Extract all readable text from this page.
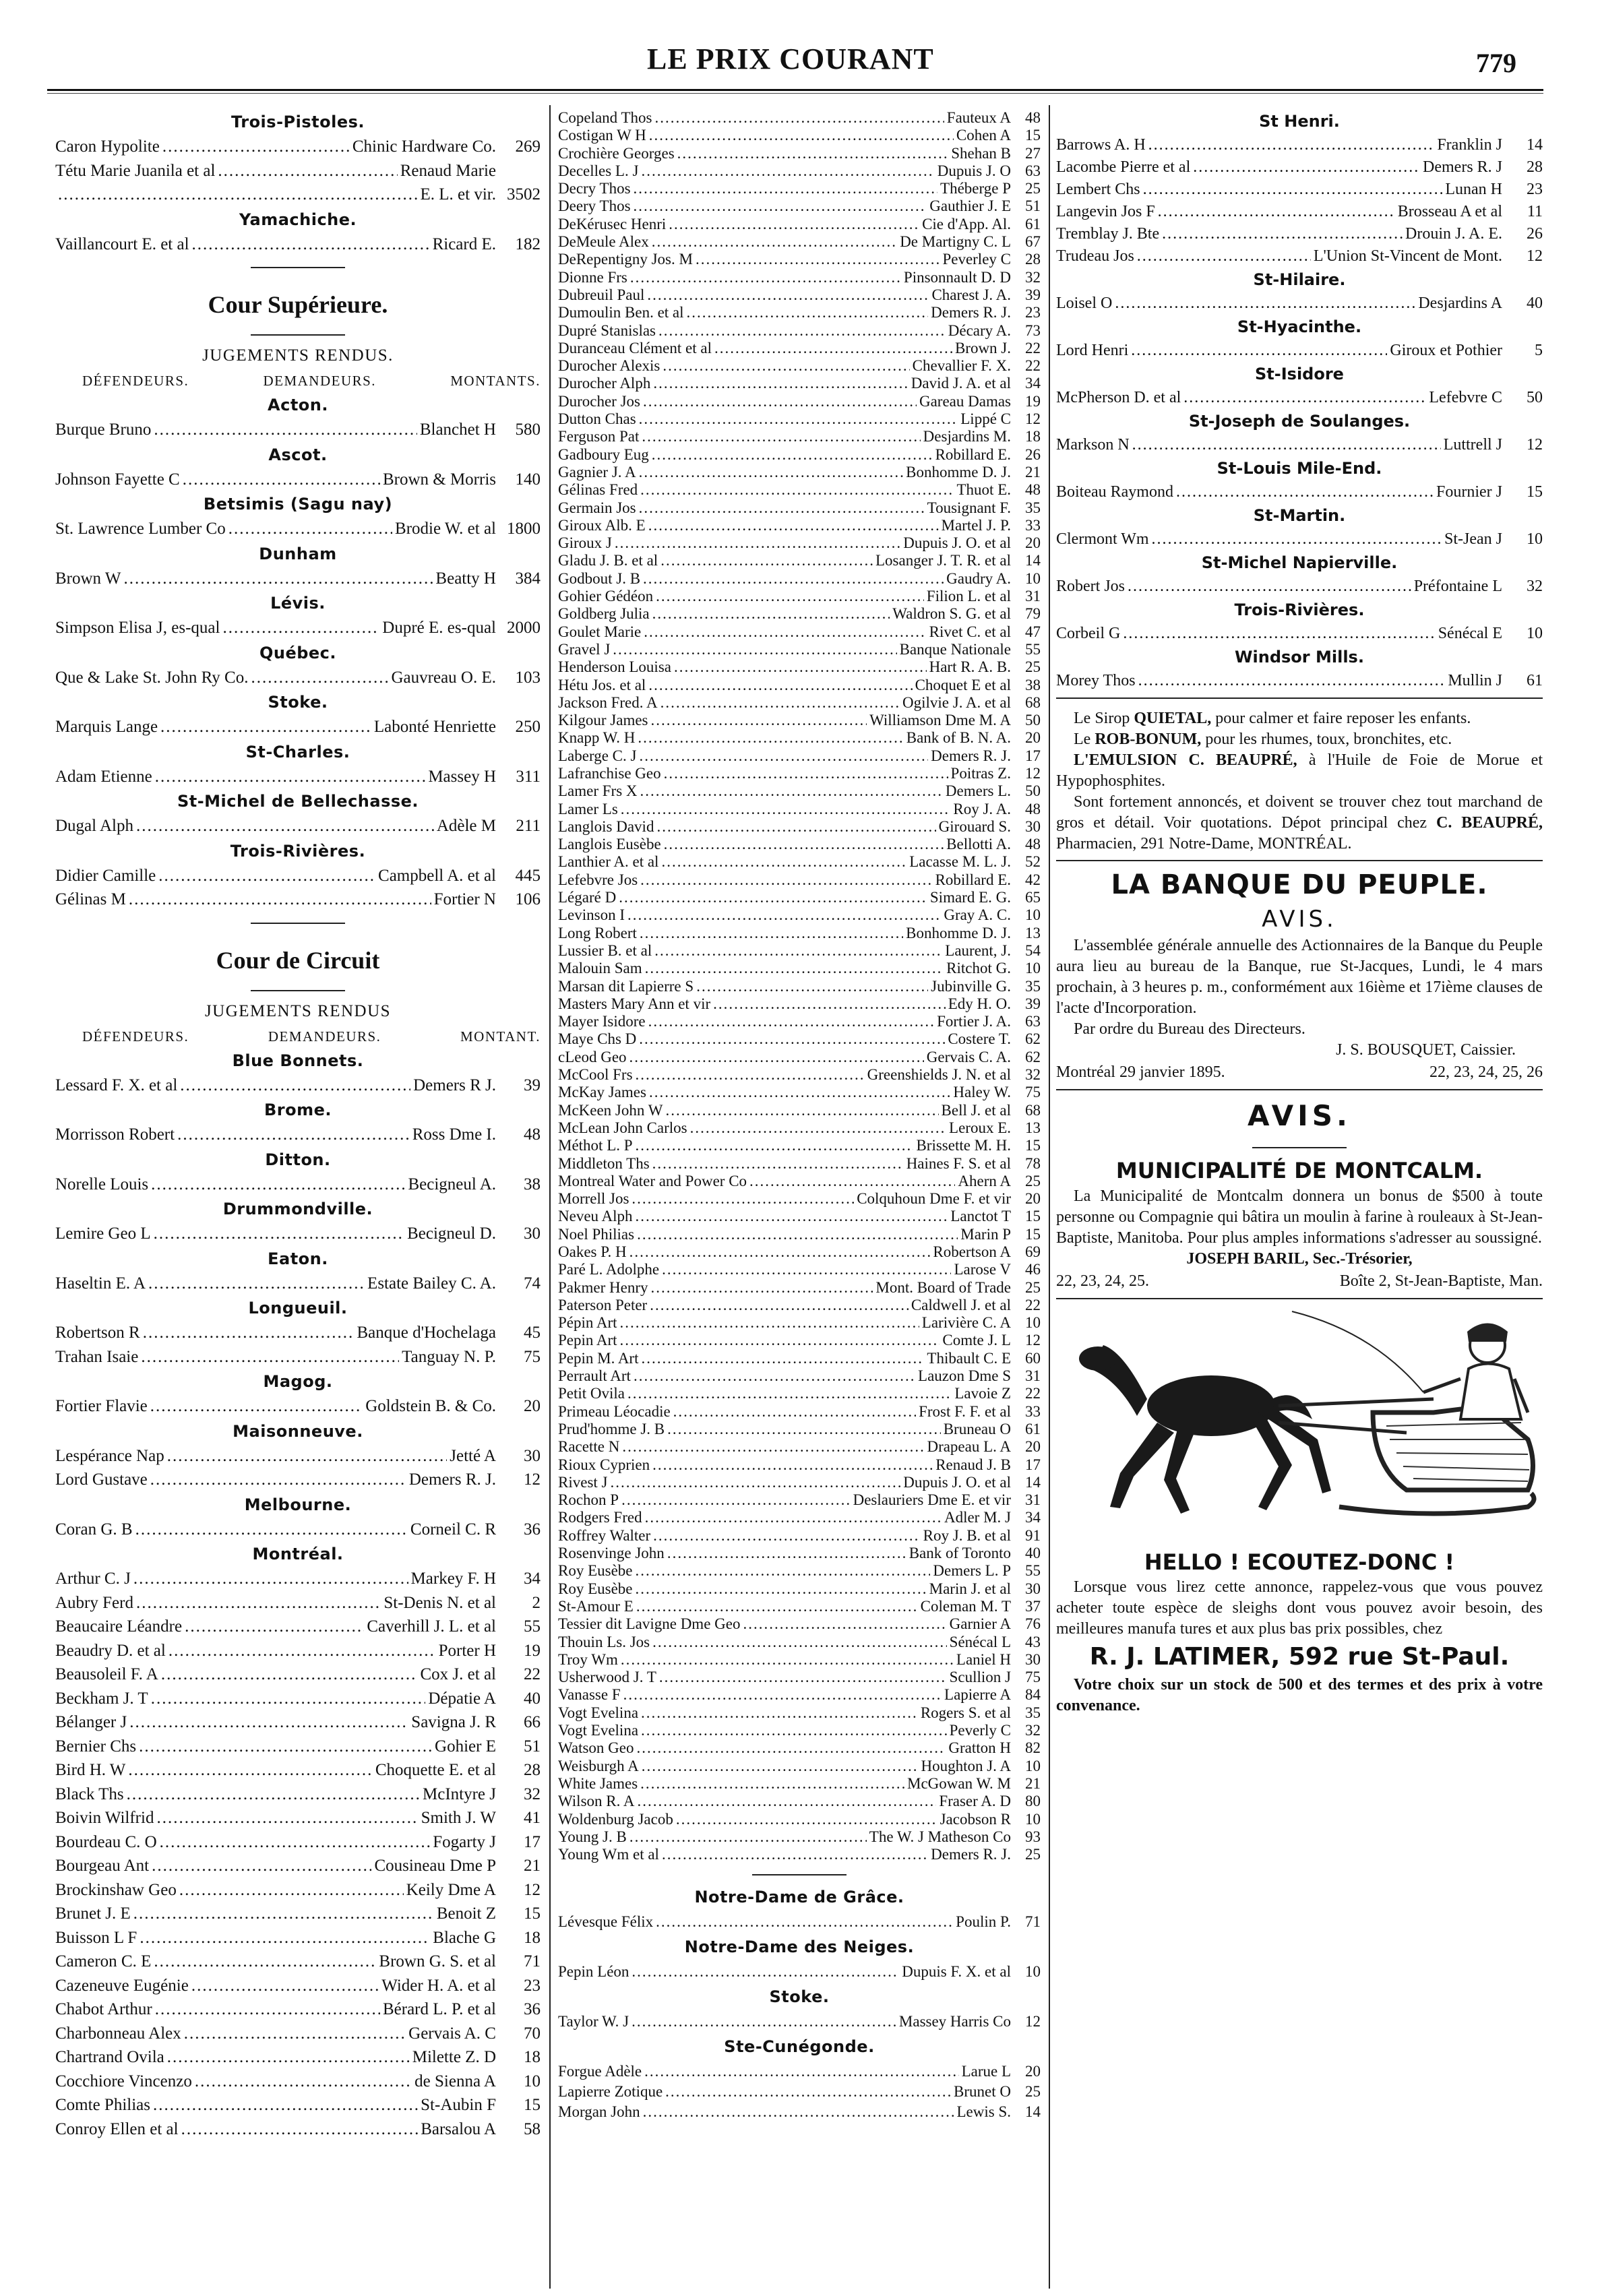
LE PRIX COURANT	779
Trois-Pistoles.
Caron Hypolite .....	Chinic Hardware Co.	269
Tétu Marie Juanila et al .....	Renaud Marie
.....
E. L. et vir. 3502
Yamachiche.
Vaillancourt E. et al .....	Ricard E.	182
Cour Supérieure.
JUGEMENTS RENDUS.
DÉFENDEURS.	DEMANDEURS.	MONTANTS.
Acton.
Burque Bruno .....	Blanchet H	580
Ascot.
Johnson Fayette C .....	Brown & Morris	140
Betsimis (Sagu nay)
St. Lawrence Lumber Co .....	Brodie W. et al 1800
Dunham
Brown W .....	Beatty H	384
Lévis.
Simpson Elisa J, es-qual .....	Dupré E. es-qual 2000
Québec.
Que & Lake St. John Ry Co. .....	Gauvreau O. E.	103
Stoke.
Marquis Lange .....	Labonté Henriette	250
St-Charles.
Adam Etienne .....	Massey H	311
St-Michel de Bellechasse.
Dugal Alph .....	Adèle M	211
Trois-Rivières.
Didier Camille .....	Campbell A. et al	445
Gélinas M .....	Fortier N	106
Cour de Circuit
JUGEMENTS RENDUS
DÉFENDEURS.	DEMANDEURS.	MONTANT.
Blue Bonnets.
Lessard F. X. et al .....	Demers R J.	39
Brome.
Morrisson Robert .....	Ross Dme I.	48
Ditton.
Norelle Louis .....	Becigneul A.	38
Drummondville.
Lemire Geo L .....	Becigneul D.	30
Eaton.
Haseltin E. A .....	Estate Bailey C. A.	74
Longueuil.
Robertson R .....	Banque d'Hochelaga	45
Trahan Isaie .....	Tanguay N. P.	75
Magog.
Fortier Flavie .....	Goldstein B. & Co.	20
Maisonneuve.
Lespérance Nap .....	Jetté A	30
Lord Gustave .....	Demers R. J.	12
Melbourne.
Coran G. B .....	Corneil C. R	36
Montréal.
Arthur C. J .....	Markey F. H	34
Aubry Ferd .....	St-Denis N. et al	2
Beaucaire Léandre .....	Caverhill J. L. et al	55
Beaudry D. et al .....	Porter H	19
Beausoleil F. A .....	Cox J. et al	22
Beckham J. T .....	Dépatie A	40
Bélanger J .....	Savigna J. R	66
Bernier Chs .....	Gohier E	51
Bird H. W .....	Choquette E. et al	28
Black Ths .....	McIntyre J	32
Boivin Wilfrid .....	Smith J. W	41
Bourdeau C. O .....	Fogarty J	17
Bourgeau Ant .....	Cousineau Dme P	21
Brockinshaw Geo .....	Keily Dme A	12
Brunet J. E .....	Benoit Z	15
Buisson L F .....	Blache G	18
Cameron C. E .....	Brown G. S. et al	71
Cazeneuve Eugénie .....	Wider H. A. et al	23
Chabot Arthur .....	Bérard L. P. et al	36
Charbonneau Alex .....	Gervais A. C	70
Chartrand Ovila .....	Milette Z. D	18
Cocchiore Vincenzo .....	de Sienna A	10
Comte Philias .....	St-Aubin F	15
Conroy Ellen et al .....	Barsalou A	58
Copeland Thos .....	Fauteux A 48
Costigan W H .....	Cohen A 15
Crochière Georges .....	Shehan B 27
Decelles L. J .....	Dupuis J. O 63
Decry Thos .....	Théberge P 25
Deery Thos .....	Gauthier J. E 51
DeKérusec Henri .....	Cie d'App. Al. 61
DeMeule Alex .....	De Martigny C. L 67
DeRepentigny Jos. M .....	Peverley C 28
Dionne Frs .....	Pinsonnault D. D 32
Dubreuil Paul .....	Charest J. A. 39
Dumoulin Ben. et al .....	Demers R. J. 23
Dupré Stanislas .....	Décary A. 73
Duranceau Clément et al .....	Brown J. 22
Durocher Alexis .....	Chevallier F. X. 22
Durocher Alph .....	David J. A. et al 34
Durocher Jos .....	Gareau Damas 19
Dutton Chas .....	Lippé C 12
Ferguson Pat .....	Desjardins M. 18
Gadboury Eug .....	Robillard E. 26
Gagnier J. A .....	Bonhomme D. J. 21
Gélinas Fred .....	Thuot E. 48
Germain Jos .....	Tousignant F. 35
Giroux Alb. E .....	Martel J. P. 33
Giroux J .....	Dupuis J. O. et al 20
Gladu J. B. et al .....	Losanger J. T. R. et al 14
Godbout J. B .....	Gaudry A. 10
Gohier Gédéon .....	Filion L. et al 31
Goldberg Julia .....	Waldron S. G. et al 79
Goulet Marie .....	Rivet C. et al 47
Gravel J .....	Banque Nationale 55
Henderson Louisa .....	Hart R. A. B. 25
Hétu Jos. et al .....	Choquet E et al 38
Jackson Fred. A .....	Ogilvie J. A. et al 68
Kilgour James .....	Williamson Dme M. A 50
Knapp W. H .....	Bank of B. N. A. 20
Laberge C. J .....	Demers R. J. 17
Lafranchise Geo .....	Poitras Z. 12
Lamer Frs X .....	Demers L. 50
Lamer Ls .....	Roy J. A. 48
Langlois David .....	Girouard S. 30
Langlois Eusèbe .....	Bellotti A. 48
Lanthier A. et al .....	Lacasse M. L. J. 52
Lefebvre Jos .....	Robillard E. 42
Légaré D .....	Simard E. G. 65
Levinson I .....	Gray A. C. 10
Long Robert .....	Bonhomme D. J. 13
Lussier B. et al .....	Laurent, J. 54
Malouin Sam .....	Ritchot G. 10
Marsan dit Lapierre S .....	Jubinville G. 35
Masters Mary Ann et vir .....	Edy H. O. 39
Mayer Isidore .....	Fortier J. A. 63
Maye Chs D .....	Costere T. 62
cLeod Geo .....	Gervais C. A. 62
McCool Frs .....	Greenshields J. N. et al 32
McKay James .....	Haley W. 75
McKeen John W .....	Bell J. et al 68
McLean John Carlos .....	Leroux E. 13
Méthot L. P .....	Brissette M. H. 15
Middleton Ths .....	Haines F. S. et al 78
Montreal Water and Power Co .....	Ahern A 25
Morrell Jos .....	Colquhoun Dme F. et vir 20
Neveu Alph .....	Lanctot T 15
Noel Philias .....	Marin P 15
Oakes P. H .....	Robertson A 69
Paré L. Adolphe .....	Larose V 46
Pakmer Henry .....	Mont. Board of Trade 25
Paterson Peter .....	Caldwell J. et al 22
Pépin Art .....	Larivière C. A 10
Pepin Art .....	Comte J. L 12
Pepin M. Art .....	Thibault C. E 60
Perrault Art .....	Lauzon Dme S 31
Petit Ovila .....	Lavoie Z 22
Primeau Léocadie .....	Frost F. F. et al 33
Prud'homme J. B .....	Bruneau O 61
Racette N .....	Drapeau L. A 20
Rioux Cyprien .....	Renaud J. B 17
Rivest J .....	Dupuis J. O. et al 14
Rochon P .....	Deslauriers Dme E. et vir 31
Rodgers Fred .....	Adler M. J 34
Roffrey Walter .....	Roy J. B. et al 91
Rosenvinge John .....	Bank of Toronto 40
Roy Eusèbe .....	Demers L. P 55
Roy Eusèbe .....	Marin J. et al 30
St-Amour E .....	Coleman M. T 37
Tessier dit Lavigne Dme Geo .....	Garnier A 76
Thouin Ls. Jos .....	Sénécal L 43
Troy Wm .....	Laniel H 30
Usherwood J. T .....	Scullion J 75
Vanasse F .....	Lapierre A 84
Vogt Evelina .....	Rogers S. et al 35
Vogt Evelina .....	Peverly C 32
Watson Geo .....	Gratton H 82
Weisburgh A .....	Houghton J. A 10
White James .....	McGowan W. M 21
Wilson R. A .....	Fraser A. D 80
Woldenburg Jacob .....	Jacobson R 10
Young J. B .....	The W. J Matheson Co 93
Young Wm et al .....	Demers R. J. 25
Notre-Dame de Grâce.
Lévesque Félix .....	Poulin P. 71
Notre-Dame des Neiges.
Pepin Léon .....	Dupuis F. X. et al 10
Stoke.
Taylor W. J .....	Massey Harris Co 12
Ste-Cunégonde.
Forgue Adèle .....	Larue L 20
Lapierre Zotique .....	Brunet O 25
Morgan John .....	Lewis S. 14
St Henri.
Barrows A. H .....	Franklin J	14
Lacombe Pierre et al .....	Demers R. J	28
Lembert Chs .....	Lunan H	23
Langevin Jos F .....	Brosseau A et al	11
Tremblay J. Bte .....	Drouin J. A. E.	26
Trudeau Jos .....	L'Union St-Vincent de Mont.	12
St-Hilaire.
Loisel O .....	Desjardins A	40
St-Hyacinthe.
Lord Henri .....	Giroux et Pothier	5
St-Isidore
McPherson D. et al .....	Lefebvre C	50
St-Joseph de Soulanges.
Markson N .....	Luttrell J	12
St-Louis Mile-End.
Boiteau Raymond .....	Fournier J	15
St-Martin.
Clermont Wm .....	St-Jean J	10
St-Michel Napierville.
Robert Jos .....	Préfontaine L	32
Trois-Rivières.
Corbeil G .....	Sénécal E	10
Windsor Mills.
Morey Thos .....	Mullin J	61

Le Sirop QUIETAL, pour calmer et faire reposer les enfants.

Le ROB-BONUM, pour les rhumes, toux, bronchites, etc.

L'EMULSION C. BEAUPRÉ, à l'Huile de Foie de Morue et Hypophosphites.

Sont fortement annoncés, et doivent se trouver chez tout marchand de gros et détail. Voir quotations. Dépot principal chez C. BEAUPRÉ, Pharmacien, 291 Notre-Dame, MONTRÉAL.

LA BANQUE DU PEUPLE.
AVIS.

L'assemblée générale annuelle des Actionnaires de la Banque du Peuple aura lieu au bureau de la Banque, rue St-Jacques, Lundi, le 4 mars prochain, à 3 heures p. m., conformément aux 16ième et 17ième clauses de l'acte d'Incorporation.

Par ordre du Bureau des Directeurs.

J. S. BOUSQUET, Caissier.

Montréal 29 janvier 1895.	22, 23, 24, 25, 26
AVIS.
MUNICIPALITÉ DE MONTCALM.

La Municipalité de Montcalm donnera un bonus de $500 à toute personne ou Compagnie qui bâtira un moulin à farine à rouleaux à St-Jean-Baptiste, Manitoba. Pour plus amples informations s'adresser au soussigné.

JOSEPH BARIL, Sec.-Trésorier,

22, 23, 24, 25.	Boîte 2, St-Jean-Baptiste, Man.
HELLO ! ECOUTEZ-DONC !

Lorsque vous lirez cette annonce, rappelez-vous que vous pouvez acheter toute espèce de sleighs dont vous pouvez avoir besoin, des meilleures manufa tures et aux plus bas prix possibles, chez

R. J. LATIMER, 592 rue St-Paul.

Votre choix sur un stock de 500 et des termes et des prix à votre convenance.
